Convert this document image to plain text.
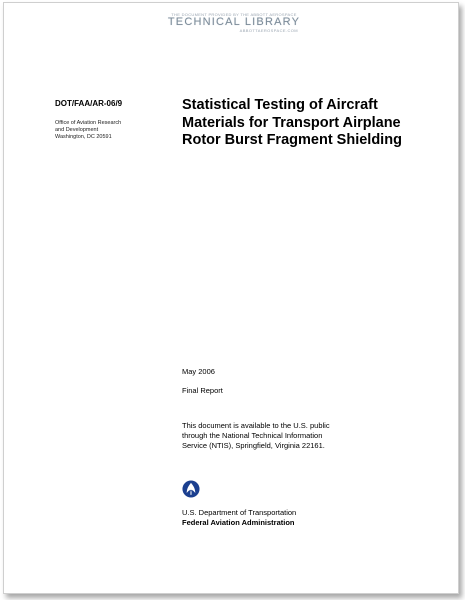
THE DOCUMENT PROVIDED BY THE ABBOTT AEROSPACE
TECHNICAL LIBRARY
ABBOTTAEROSPACE.COM
DOT/FAA/AR-06/9
Office of Aviation Research
and Development
Washington, DC 20591
Statistical Testing of Aircraft
Materials for Transport Airplane
Rotor Burst Fragment Shielding
May 2006
Final Report
This document is available to the U.S. public
through the National Technical Information
Service (NTIS), Springfield, Virginia 22161.
U.S. Department of Transportation
Federal Aviation Administration
